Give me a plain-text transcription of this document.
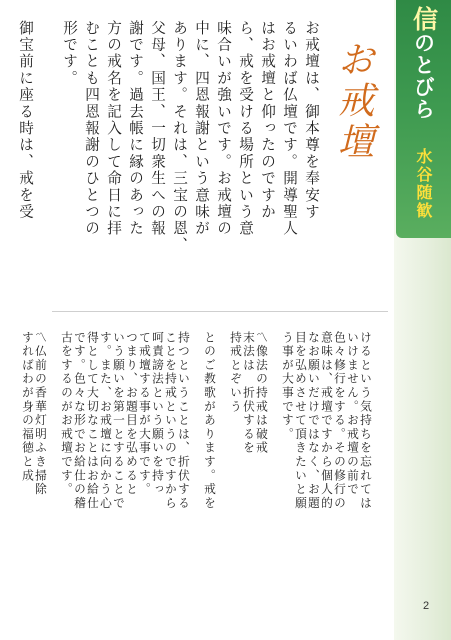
信
のとびら
水谷随歓
2
お戒壇
お戒壇は、御本尊を奉安す
るいわば仏壇です。開導聖人
はお戒壇と仰ったのですか
ら、戒を受ける場所という意
味合いが強いです。お戒壇の
中に、四恩報謝という意味が
あります。それは、三宝の恩、
父母、国王、一切衆生への報
謝です。過去帳に縁のあった
方の戒名を記入して命日に拝
むことも四恩報謝のひとつの
形です。
御宝前に座る時は、戒を受
けるという気持ちを忘れては
いけません。お戒壇の前で
色々修行をする。その修行の
意味は、戒壇ですから個人的
なお願いだけではなく、お題
目を弘めさせて頂きたいと願
う事が大事です。
〽像法の持戒は破戒
末法は　折伏するを
持戒とぞいう
とのご教歌があります。戒を
持つということは、折伏する
ことを持戒というのですから
呵責謗法という願いを持っ
て戒壇する事が大事です。
つまり、お題目を弘めると
いう願いを第一とすることで
す。また、お戒壇に向かう心
得として大切なことはお給仕
です。色々な形でお給仕の稽
古をするのがお戒壇です。
〽仏前の香華灯明ふき掃除
すればわが身の福徳と成
